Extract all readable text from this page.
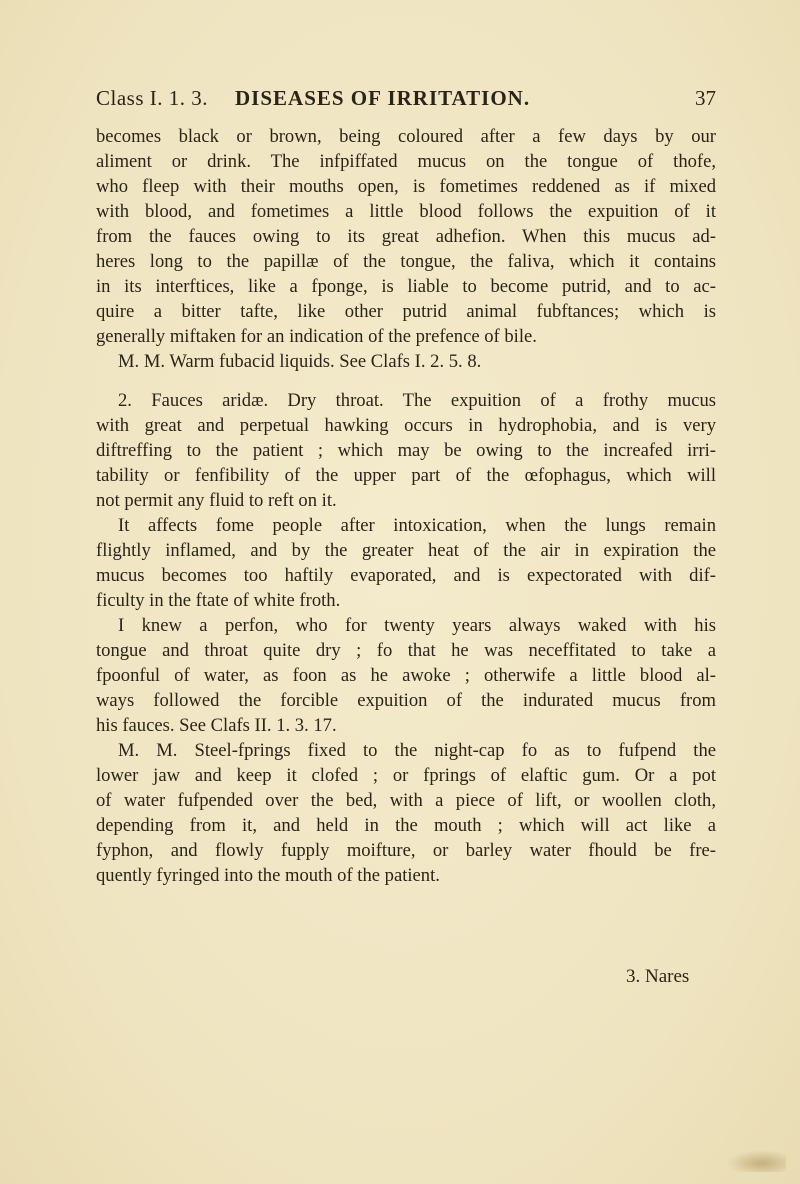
Class I. 1. 3. DISEASES OF IRRITATION.	37
becomes black or brown, being coloured after a few days by our
aliment or drink. The infpiffated mucus on the tongue of thofe,
who fleep with their mouths open, is fometimes reddened as if mixed
with blood, and fometimes a little blood follows the expuition of it
from the fauces owing to its great adhefion. When this mucus ad-
heres long to the papillæ of the tongue, the faliva, which it contains
in its interftices, like a fponge, is liable to become putrid, and to ac-
quire a bitter tafte, like other putrid animal fubftances; which is
generally miftaken for an indication of the prefence of bile.
M. M. Warm fubacid liquids. See Clafs I. 2. 5. 8.
2. Fauces aridæ. Dry throat. The expuition of a frothy mucus
with great and perpetual hawking occurs in hydrophobia, and is very
diftreffing to the patient ; which may be owing to the increafed irri-
tability or fenfibility of the upper part of the œfophagus, which will
not permit any fluid to reft on it.
It affects fome people after intoxication, when the lungs remain
flightly inflamed, and by the greater heat of the air in expiration the
mucus becomes too haftily evaporated, and is expectorated with dif-
ficulty in the ftate of white froth.
I knew a perfon, who for twenty years always waked with his
tongue and throat quite dry ; fo that he was neceffitated to take a
fpoonful of water, as foon as he awoke ; otherwife a little blood al-
ways followed the forcible expuition of the indurated mucus from
his fauces. See Clafs II. 1. 3. 17.
M. M. Steel-fprings fixed to the night-cap fo as to fufpend the
lower jaw and keep it clofed ; or fprings of elaftic gum. Or a pot
of water fufpended over the bed, with a piece of lift, or woollen cloth,
depending from it, and held in the mouth ; which will act like a
fyphon, and flowly fupply moifture, or barley water fhould be fre-
quently fyringed into the mouth of the patient.
3. Nares
